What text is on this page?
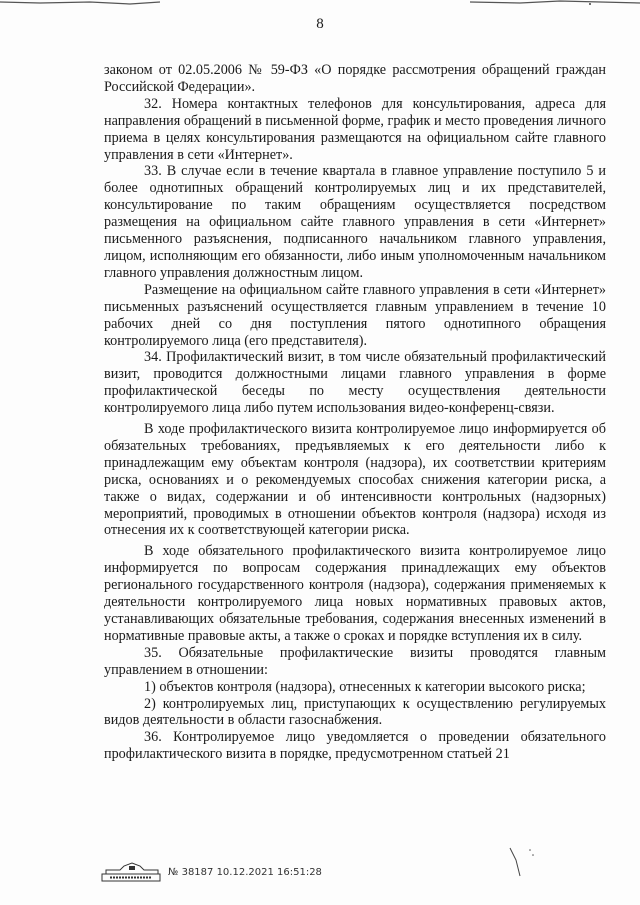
8

законом от 02.05.2006 № 59-ФЗ «О порядке рассмотрения обращений граждан Российской Федерации».

32. Номера контактных телефонов для консультирования, адреса для направления обращений в письменной форме, график и место проведения личного приема в целях консультирования размещаются на официальном сайте главного управления в сети «Интернет».

33. В случае если в течение квартала в главное управление поступило 5 и более однотипных обращений контролируемых лиц и их представителей, консультирование по таким обращениям осуществляется посредством размещения на официальном сайте главного управления в сети «Интернет» письменного разъяснения, подписанного начальником главного управления, лицом, исполняющим его обязанности, либо иным уполномоченным начальником главного управления должностным лицом.

Размещение на официальном сайте главного управления в сети «Интернет» письменных разъяснений осуществляется главным управлением в течение 10 рабочих дней со дня поступления пятого однотипного обращения контролируемого лица (его представителя).

34. Профилактический визит, в том числе обязательный профилактический визит, проводится должностными лицами главного управления в форме профилактической беседы по месту осуществления деятельности контролируемого лица либо путем использования видео-конференц-связи.

В ходе профилактического визита контролируемое лицо информируется об обязательных требованиях, предъявляемых к его деятельности либо к принадлежащим ему объектам контроля (надзора), их соответствии критериям риска, основаниях и о рекомендуемых способах снижения категории риска, а также о видах, содержании и об интенсивности контрольных (надзорных) мероприятий, проводимых в отношении объектов контроля (надзора) исходя из отнесения их к соответствующей категории риска.

В ходе обязательного профилактического визита контролируемое лицо информируется по вопросам содержания принадлежащих ему объектов регионального государственного контроля (надзора), содержания применяемых к деятельности контролируемого лица новых нормативных правовых актов, устанавливающих обязательные требования, содержания внесенных изменений в нормативные правовые акты, а также о сроках и порядке вступления их в силу.

35. Обязательные профилактические визиты проводятся главным управлением в отношении:

1) объектов контроля (надзора), отнесенных к категории высокого риска;

2) контролируемых лиц, приступающих к осуществлению регулируемых видов деятельности в области газоснабжения.

36. Контролируемое лицо уведомляется о проведении обязательного профилактического визита в порядке, предусмотренном статьей 21

№ 38187 10.12.2021 16:51:28
